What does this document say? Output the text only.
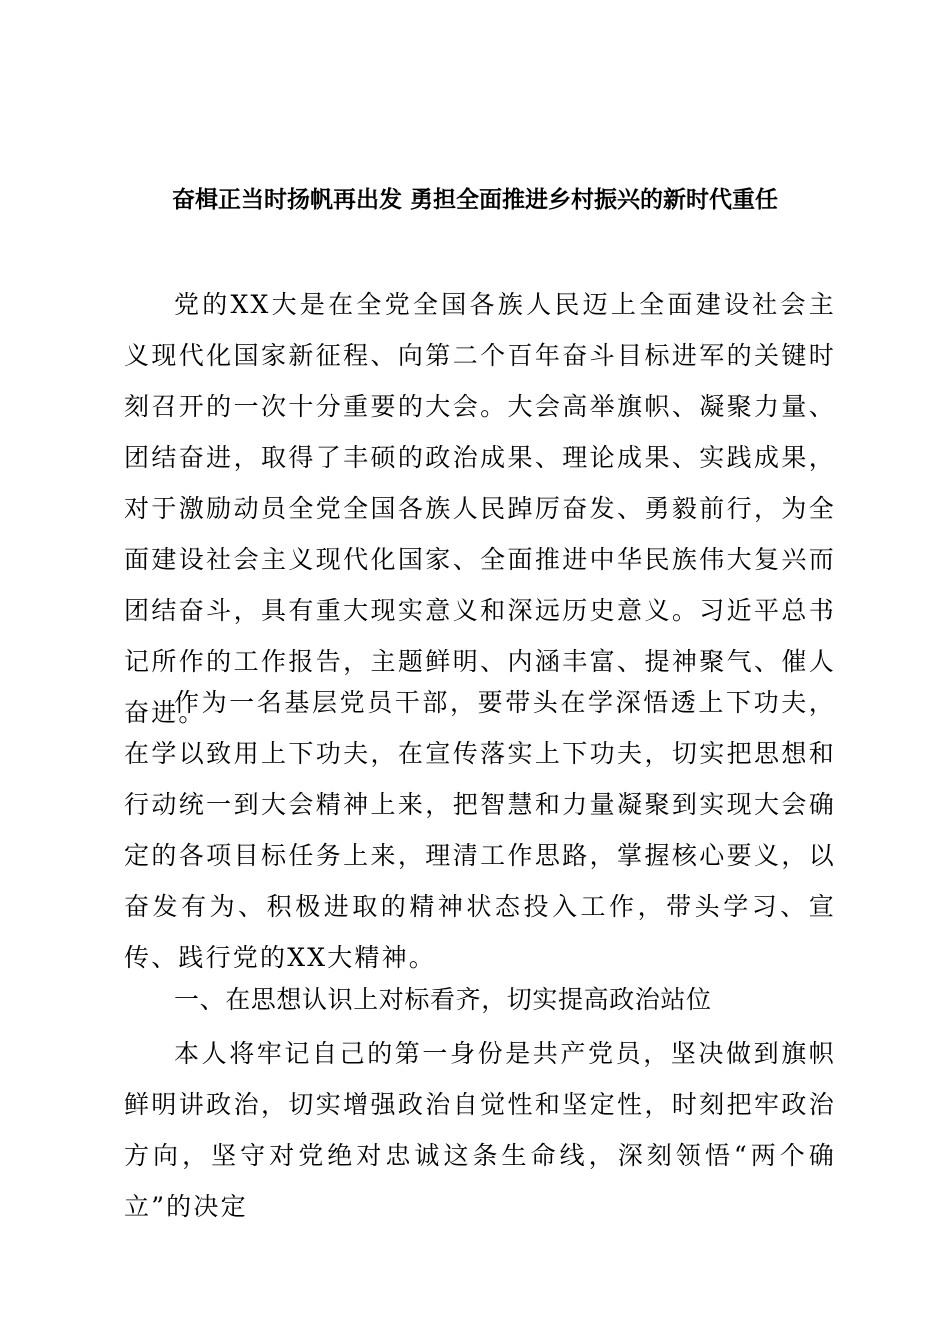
奋楫正当时扬帆再出发 勇担全面推进乡村振兴的新时代重任

党的XX大是在全党全国各族人民迈上全面建设社会主义现代化国家新征程、向第二个百年奋斗目标进军的关键时刻召开的一次十分重要的大会。大会高举旗帜、凝聚力量、团结奋进，取得了丰硕的政治成果、理论成果、实践成果，对于激励动员全党全国各族人民踔厉奋发、勇毅前行，为全面建设社会主义现代化国家、全面推进中华民族伟大复兴而团结奋斗，具有重大现实意义和深远历史意义。习近平总书记所作的工作报告，主题鲜明、内涵丰富、提神聚气、催人奋进。

作为一名基层党员干部，要带头在学深悟透上下功夫，在学以致用上下功夫，在宣传落实上下功夫，切实把思想和行动统一到大会精神上来，把智慧和力量凝聚到实现大会确定的各项目标任务上来，理清工作思路，掌握核心要义，以奋发有为、积极进取的精神状态投入工作，带头学习、宣传、践行党的XX大精神。

一、在思想认识上对标看齐，切实提高政治站位

本人将牢记自己的第一身份是共产党员，坚决做到旗帜鲜明讲政治，切实增强政治自觉性和坚定性，时刻把牢政治方向，坚守对党绝对忠诚这条生命线，深刻领悟“两个确立”的决定
